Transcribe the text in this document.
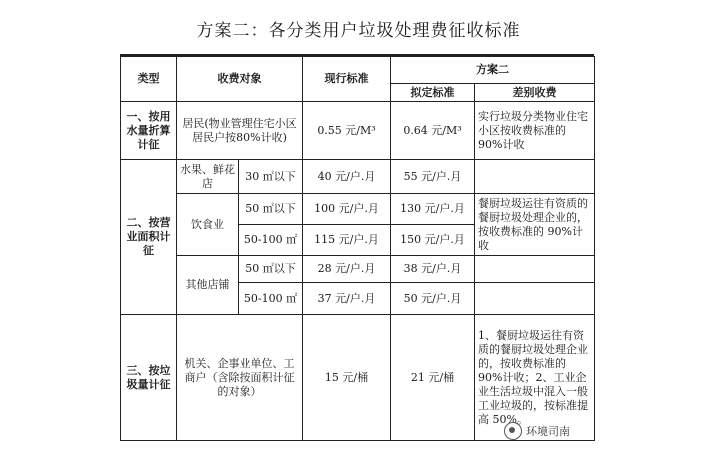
方案二：各分类用户垃圾处理费征收标准
类型	收费对象		现行标准	方案二	
				拟定标准	差别收费
一、按用水量折算计征	居民(物业管理住宅小区居民户按80%计收)		0.55 元/M³	0.64 元/M³	实行垃圾分类物业住宅小区按收费标准的 90%计收
二、按营业面积计征	水果、鲜花店	30 ㎡以下	40 元/户.月	55 元/户.月	
	饮食业	50 ㎡以下	100 元/户.月	130 元/户.月	餐厨垃圾运往有资质的餐厨垃圾处理企业的，按收费标准的 90%计收
		50-100 ㎡	115 元/户.月	150 元/户.月	
	其他店铺	50 ㎡以下	28 元/户.月	38 元/户.月	
		50-100 ㎡	37 元/户.月	50 元/户.月	
三、按垃圾量计征	机关、企事业单位、工商户（含除按面积计征的对象）		15 元/桶	21 元/桶	1、餐厨垃圾运往有资质的餐厨垃圾处理企业的，按收费标准的 90%计收；2、工业企业生活垃圾中混入一般工业垃圾的，按标准提高 50%。
环境司南
